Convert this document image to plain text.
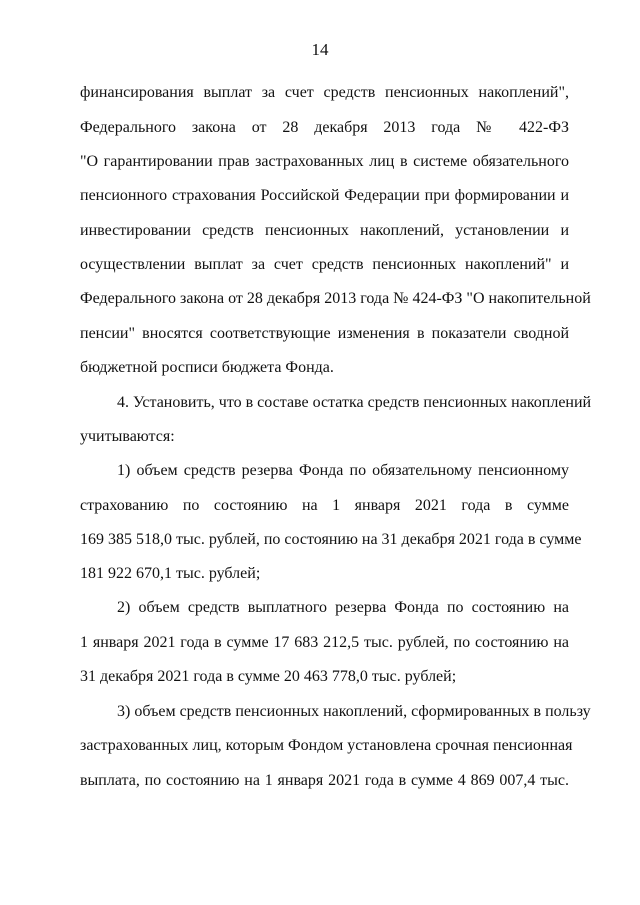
14
финансирования выплат за счет средств пенсионных накоплений",
Федерального закона от 28 декабря 2013 года № 422-ФЗ
"О гарантировании прав застрахованных лиц в системе обязательного
пенсионного страхования Российской Федерации при формировании и
инвестировании средств пенсионных накоплений, установлении и
осуществлении выплат за счет средств пенсионных накоплений" и
Федерального закона от 28 декабря 2013 года № 424-ФЗ "О накопительной
пенсии" вносятся соответствующие изменения в показатели сводной
бюджетной росписи бюджета Фонда.
4. Установить, что в составе остатка средств пенсионных накоплений
учитываются:
1) объем средств резерва Фонда по обязательному пенсионному
страхованию по состоянию на 1 января 2021 года в сумме
169 385 518,0 тыс. рублей, по состоянию на 31 декабря 2021 года в сумме
181 922 670,1 тыс. рублей;
2) объем средств выплатного резерва Фонда по состоянию на
1 января 2021 года в сумме 17 683 212,5 тыс. рублей, по состоянию на
31 декабря 2021 года в сумме 20 463 778,0 тыс. рублей;
3) объем средств пенсионных накоплений, сформированных в пользу
застрахованных лиц, которым Фондом установлена срочная пенсионная
выплата, по состоянию на 1 января 2021 года в сумме 4 869 007,4 тыс.
